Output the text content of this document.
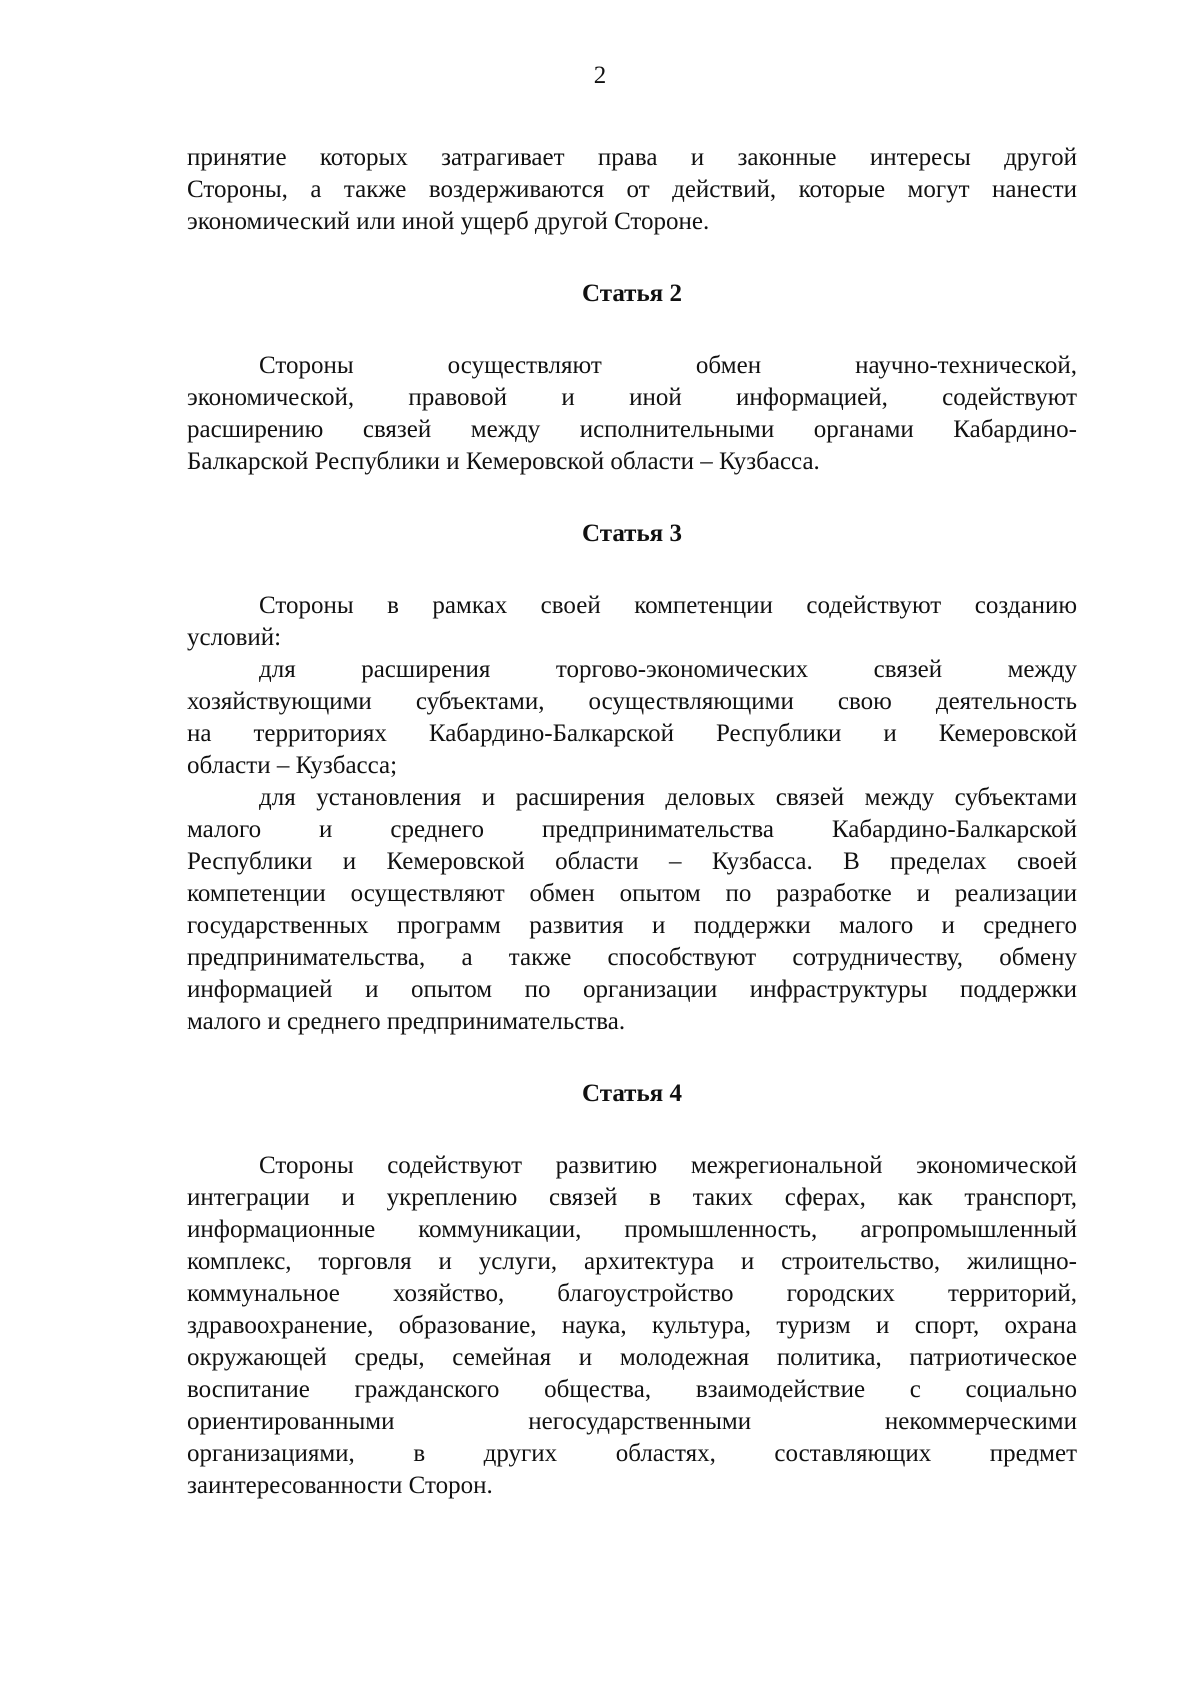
2
принятие которых затрагивает права и законные интересы другой
Стороны, а также воздерживаются от действий, которые могут нанести
экономический или иной ущерб другой Стороне.
Статья 2
Стороны осуществляют обмен научно-технической,
экономической, правовой и иной информацией, содействуют
расширению связей между исполнительными органами Кабардино-
Балкарской Республики и Кемеровской области – Кузбасса.
Статья 3
Стороны в рамках своей компетенции содействуют созданию
условий:
для расширения торгово-экономических связей между
хозяйствующими субъектами, осуществляющими свою деятельность
на территориях Кабардино-Балкарской Республики и Кемеровской
области – Кузбасса;
для установления и расширения деловых связей между субъектами
малого и среднего предпринимательства Кабардино-Балкарской
Республики и Кемеровской области – Кузбасса. В пределах своей
компетенции осуществляют обмен опытом по разработке и реализации
государственных программ развития и поддержки малого и среднего
предпринимательства, а также способствуют сотрудничеству, обмену
информацией и опытом по организации инфраструктуры поддержки
малого и среднего предпринимательства.
Статья 4
Стороны содействуют развитию межрегиональной экономической
интеграции и укреплению связей в таких сферах, как транспорт,
информационные коммуникации, промышленность, агропромышленный
комплекс, торговля и услуги, архитектура и строительство, жилищно-
коммунальное хозяйство, благоустройство городских территорий,
здравоохранение, образование, наука, культура, туризм и спорт, охрана
окружающей среды, семейная и молодежная политика, патриотическое
воспитание гражданского общества, взаимодействие с социально
ориентированными негосударственными некоммерческими
организациями, в других областях, составляющих предмет
заинтересованности Сторон.
